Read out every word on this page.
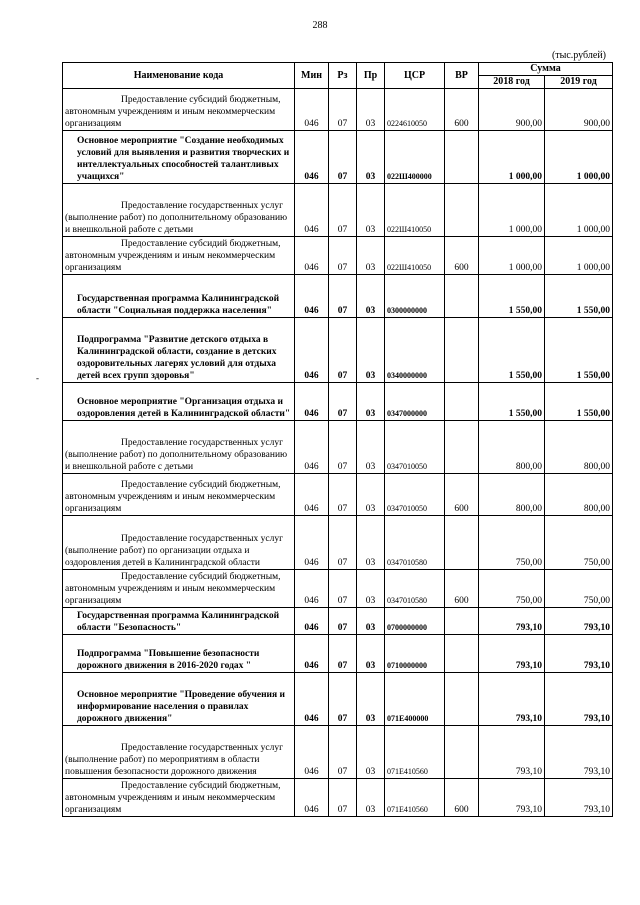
288
(тыс.рублей)
Наименование кода	Мин	Рз	Пр	ЦСР	ВР	Сумма	
						2018 год	2019 год
Предоставление субсидий бюджетным, автономным учреждениям и иным некоммерческим организациям	046	07	03	0224610050	600	900,00	900,00
Основное мероприятие "Создание необходимых условий для выявления и развития творческих и интеллектуальных способностей талантливых учащихся"	046	07	03	022Ш400000		1 000,00	1 000,00
Предоставление государственных услуг (выполнение работ) по дополнительному образованию и внешкольной работе с детьми	046	07	03	022Ш410050		1 000,00	1 000,00
Предоставление субсидий бюджетным, автономным учреждениям и иным некоммерческим организациям	046	07	03	022Ш410050	600	1 000,00	1 000,00
Государственная программа Калининградской области "Социальная поддержка населения"	046	07	03	0300000000		1 550,00	1 550,00
Подпрограмма "Развитие детского отдыха в Калининградской области, создание в детских оздоровительных лагерях условий для отдыха детей всех групп здоровья"	046	07	03	0340000000		1 550,00	1 550,00
Основное мероприятие "Организация отдыха и оздоровления детей в Калининградской области"	046	07	03	0347000000		1 550,00	1 550,00
Предоставление государственных услуг (выполнение работ) по дополнительному образованию и внешкольной работе с детьми	046	07	03	0347010050		800,00	800,00
Предоставление субсидий бюджетным, автономным учреждениям и иным некоммерческим организациям	046	07	03	0347010050	600	800,00	800,00
Предоставление государственных услуг (выполнение работ) по организации отдыха и оздоровления детей в Калининградской области	046	07	03	0347010580		750,00	750,00
Предоставление субсидий бюджетным, автономным учреждениям и иным некоммерческим организациям	046	07	03	0347010580	600	750,00	750,00
Государственная программа Калининградской области "Безопасность"	046	07	03	0700000000		793,10	793,10
Подпрограмма "Повышение безопасности дорожного движения в 2016-2020 годах "	046	07	03	0710000000		793,10	793,10
Основное мероприятие "Проведение обучения и информирование населения о правилах дорожного движения"	046	07	03	071Е400000		793,10	793,10
Предоставление государственных услуг (выполнение работ) по мероприятиям в области повышения безопасности дорожного движения	046	07	03	071Е410560		793,10	793,10
Предоставление субсидий бюджетным, автономным учреждениям и иным некоммерческим организациям	046	07	03	071Е410560	600	793,10	793,10
-
